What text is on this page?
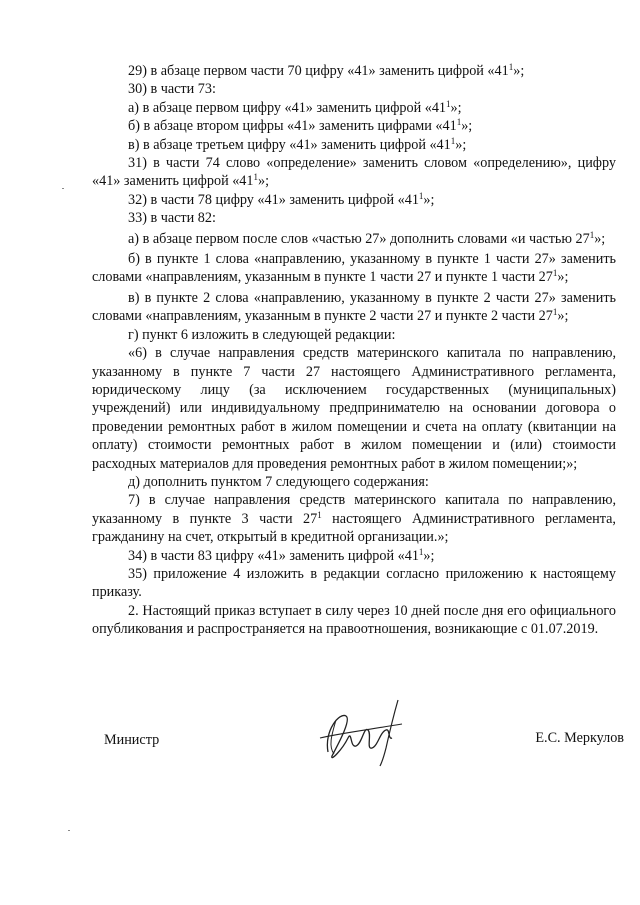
29) в абзаце первом части 70 цифру «41» заменить цифрой «$41^1$»;

30) в части 73:

а) в абзаце первом цифру «41» заменить цифрой «$41^1$»;

б) в абзаце втором цифры «41» заменить цифрами «$41^1$»;

в) в абзаце третьем цифру «41» заменить цифрой «$41^1$»;

31) в части 74 слово «определение» заменить словом «определению», цифру «41» заменить цифрой «$41^1$»;

32) в части 78 цифру «41» заменить цифрой «$41^1$»;

33) в части 82:

а) в абзаце первом после слов «частью 27» дополнить словами «и частью $27^1$»;

б) в пункте 1 слова «направлению, указанному в пункте 1 части 27» заменить словами «направлениям, указанным в пункте 1 части 27 и пункте 1 части $27^1$»;

в) в пункте 2 слова «направлению, указанному в пункте 2 части 27» заменить словами «направлениям, указанным в пункте 2 части 27 и пункте 2 части $27^1$»;

г) пункт 6 изложить в следующей редакции:

«6) в случае направления средств материнского капитала по направлению, указанному в пункте 7 части 27 настоящего Административного регламента, юридическому лицу (за исключением государственных (муниципальных) учреждений) или индивидуальному предпринимателю на основании договора о проведении ремонтных работ в жилом помещении и счета на оплату (квитанции на оплату) стоимости ремонтных работ в жилом помещении и (или) стоимости расходных материалов для проведения ремонтных работ в жилом помещении;»;

д) дополнить пунктом 7 следующего содержания:

7) в случае направления средств материнского капитала по направлению, указанному в пункте 3 части $27^1$ настоящего Административного регламента, гражданину на счет, открытый в кредитной организации.»;

34) в части 83 цифру «41» заменить цифрой «$41^1$»;

35) приложение 4 изложить в редакции согласно приложению к настоящему приказу.

2. Настоящий приказ вступает в силу через 10 дней после дня его официального опубликования и распространяется на правоотношения, возникающие с 01.07.2019.

Министр	Е.С. Меркулов
